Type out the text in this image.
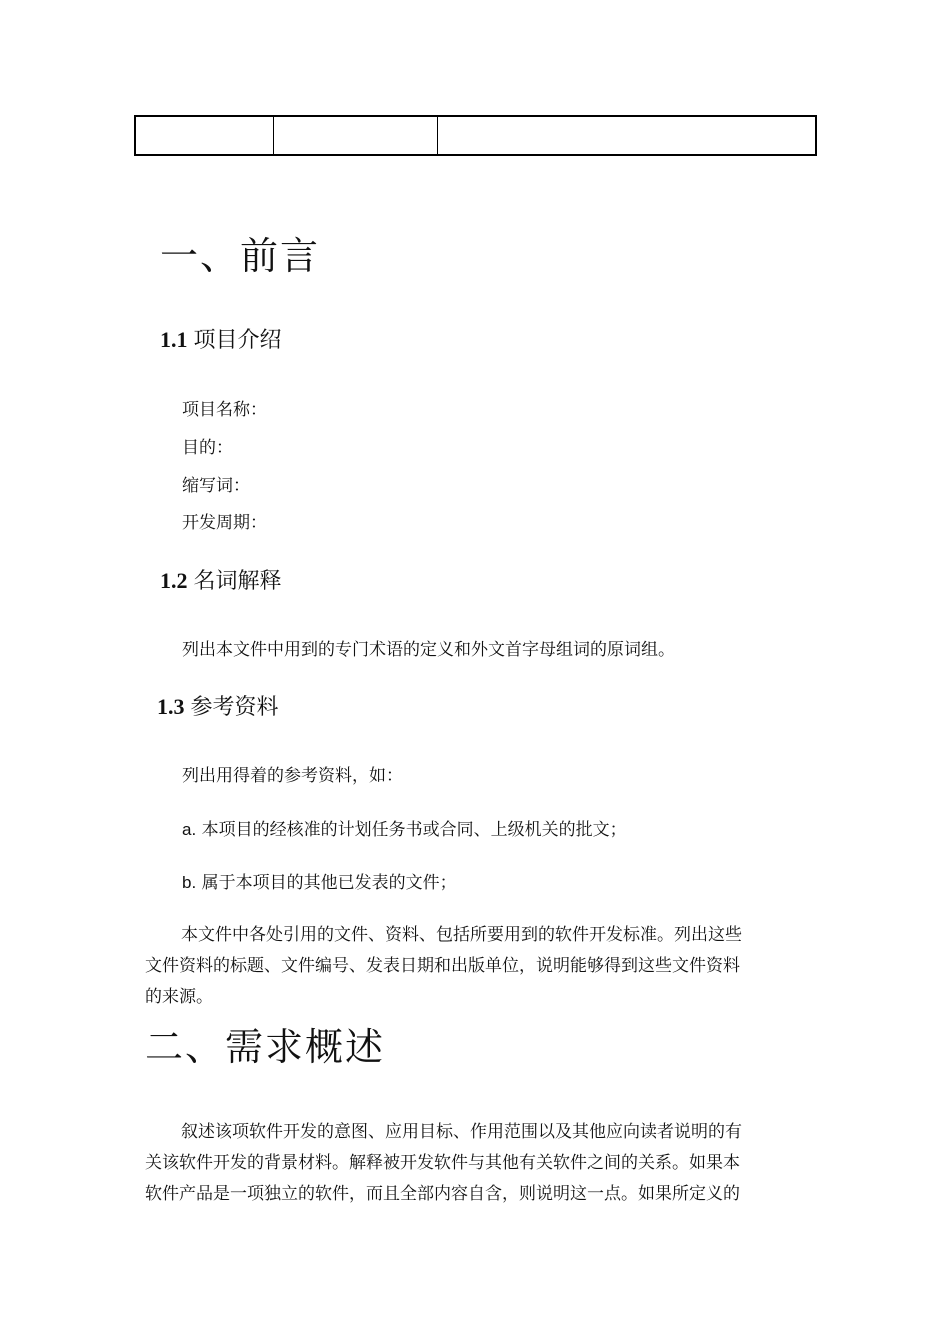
一、前言
1.1 项目介绍

项目名称：

目的：

缩写词：

开发周期：

1.2 名词解释

列出本文件中用到的专门术语的定义和外文首字母组词的原词组。

1.3 参考资料

列出用得着的参考资料，如：

a. 本项目的经核准的计划任务书或合同、上级机关的批文；

b. 属于本项目的其他已发表的文件；

本文件中各处引用的文件、资料、包括所要用到的软件开发标准。列出这些
文件资料的标题、文件编号、发表日期和出版单位，说明能够得到这些文件资料
的来源。
二、需求概述
叙述该项软件开发的意图、应用目标、作用范围以及其他应向读者说明的有
关该软件开发的背景材料。解释被开发软件与其他有关软件之间的关系。如果本
软件产品是一项独立的软件，而且全部内容自含，则说明这一点。如果所定义的
